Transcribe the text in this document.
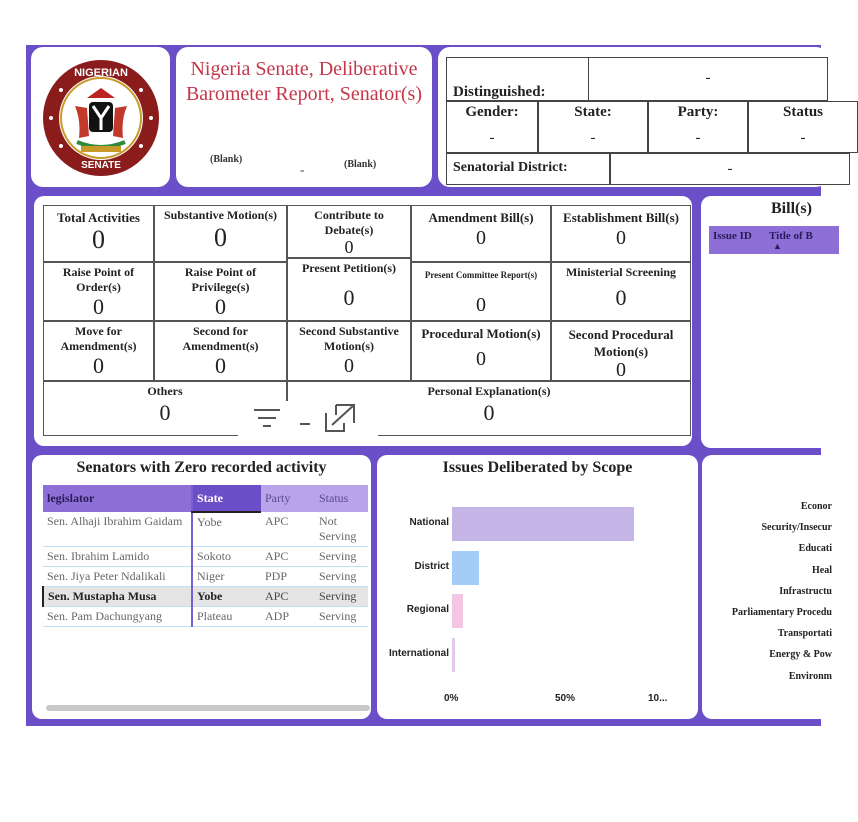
NIGERIAN
SENATE
Nigeria Senate, Deliberative Barometer Report, Senator(s)
(Blank)
-	(Blank)
Distinguished:
-
Gender:
-
State:
-
Party:
-
Status
-
Senatorial District:	-
Total Activities
0
Substantive Motion(s)
0
Contribute to Debate(s)
0
Amendment Bill(s)
0
Establishment Bill(s)
0
Raise Point of Order(s)
0
Raise Point of Privilege(s)
0
Present Petition(s)
0
Present Committee Report(s)
0
Ministerial Screening
0
Move for Amendment(s)
0
Second for Amendment(s)
0
Second Substantive Motion(s)
0
Procedural Motion(s)
0
Second Procedural Motion(s)
0
Others
0
Personal Explanation(s)
0
Bill(s)
Issue ID Title of B
▲
Senators with Zero recorded activity
legislator	State	Party	Status
Sen. Alhaji Ibrahim Gaidam	Yobe	APC	Not Serving
Sen. Ibrahim Lamido	Sokoto	APC	Serving
Sen. Jiya Peter Ndalikali	Niger	PDP	Serving
Sen. Mustapha Musa	Yobe	APC	Serving
Sen. Pam Dachungyang	Plateau	ADP	Serving
Issues Deliberated by Scope
National
District
Regional
International
0%	50%	10...
Econor
Security/Insecur
Educati
Heal
Infrastructu
Parliamentary Procedu
Transportati
Energy & Pow
Environm
